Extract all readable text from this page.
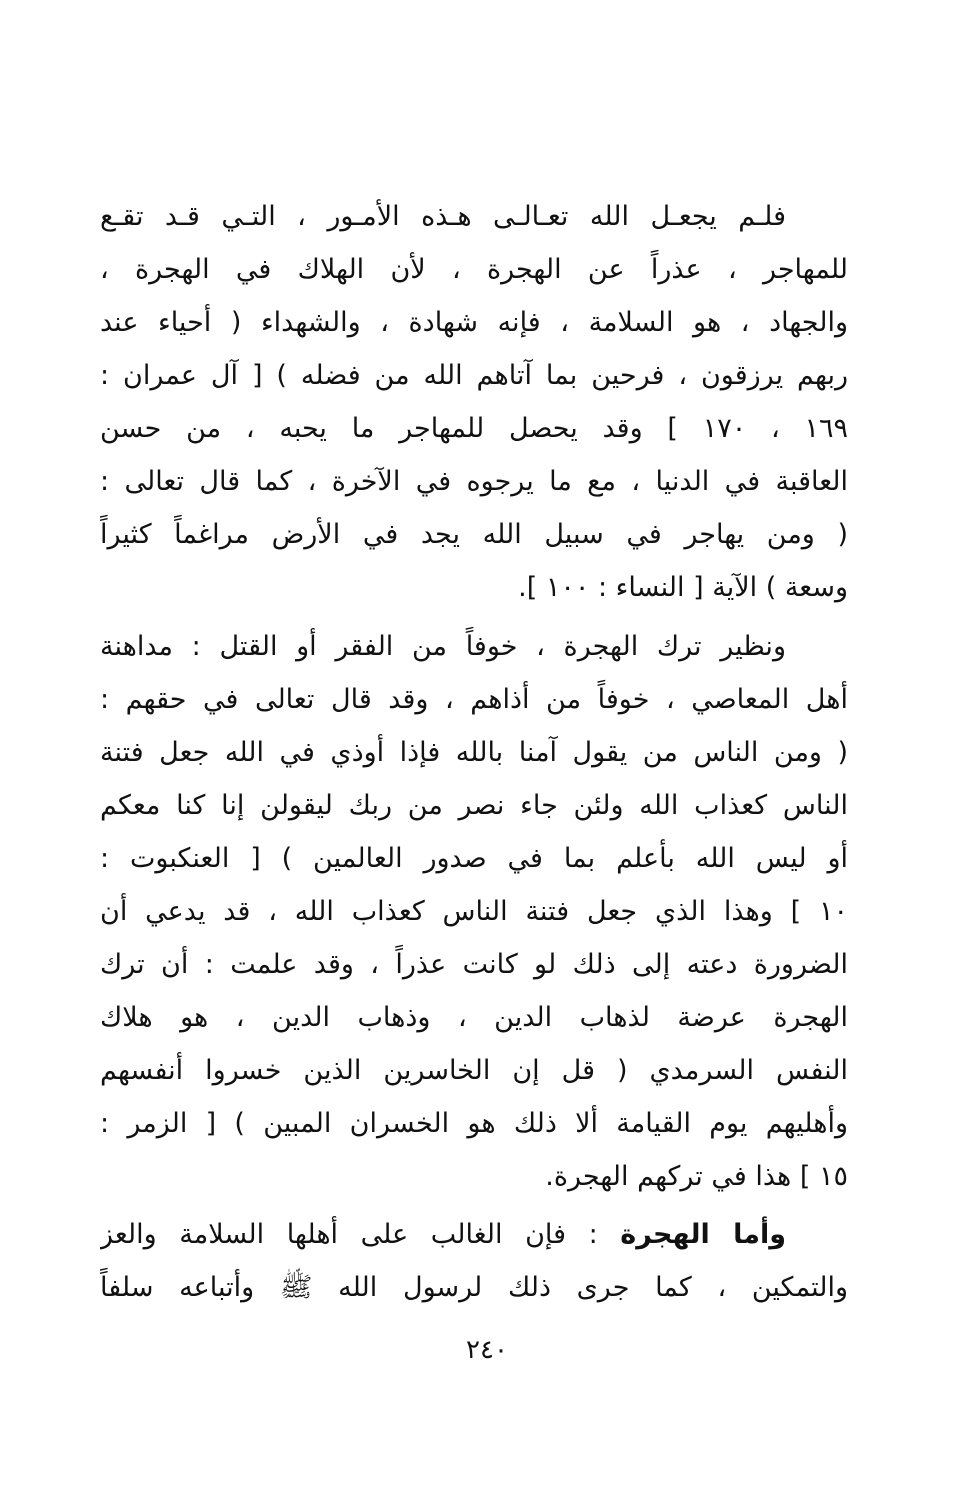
فلـم يجعـل الله تعـالـى هـذه الأمـور ، التـي قـد تقـع
للمهاجر ، عذراً عن الهجرة ، لأن الهلاك في الهجرة ،
والجهاد ، هو السلامة ، فإنه شهادة ، والشهداء ( أحياء عند
ربهم يرزقون ، فرحين بما آتاهم الله من فضله ) [ آل عمران :
١٦٩ ، ١٧٠ ] وقد يحصل للمهاجر ما يحبه ، من حسن
العاقبة في الدنيا ، مع ما يرجوه في الآخرة ، كما قال تعالى :
( ومن يهاجر في سبيل الله يجد في الأرض مراغماً كثيراً
وسعة ) الآية [ النساء : ١٠٠ ].
ونظير ترك الهجرة ، خوفاً من الفقر أو القتل : مداهنة
أهل المعاصي ، خوفاً من أذاهم ، وقد قال تعالى في حقهم :
( ومن الناس من يقول آمنا بالله فإذا أوذي في الله جعل فتنة
الناس كعذاب الله ولئن جاء نصر من ربك ليقولن إنا كنا معكم
أو ليس الله بأعلم بما في صدور العالمين ) [ العنكبوت :
١٠ ] وهذا الذي جعل فتنة الناس كعذاب الله ، قد يدعي أن
الضرورة دعته إلى ذلك لو كانت عذراً ، وقد علمت : أن ترك
الهجرة عرضة لذهاب الدين ، وذهاب الدين ، هو هلاك
النفس السرمدي ( قل إن الخاسرين الذين خسروا أنفسهم
وأهليهم يوم القيامة ألا ذلك هو الخسران المبين ) [ الزمر :
١٥ ] هذا في تركهم الهجرة.
وأما الهجرة : فإن الغالب على أهلها السلامة والعز
والتمكين ، كما جرى ذلك لرسول الله ﷺ وأتباعه سلفاً
٢٤٠
